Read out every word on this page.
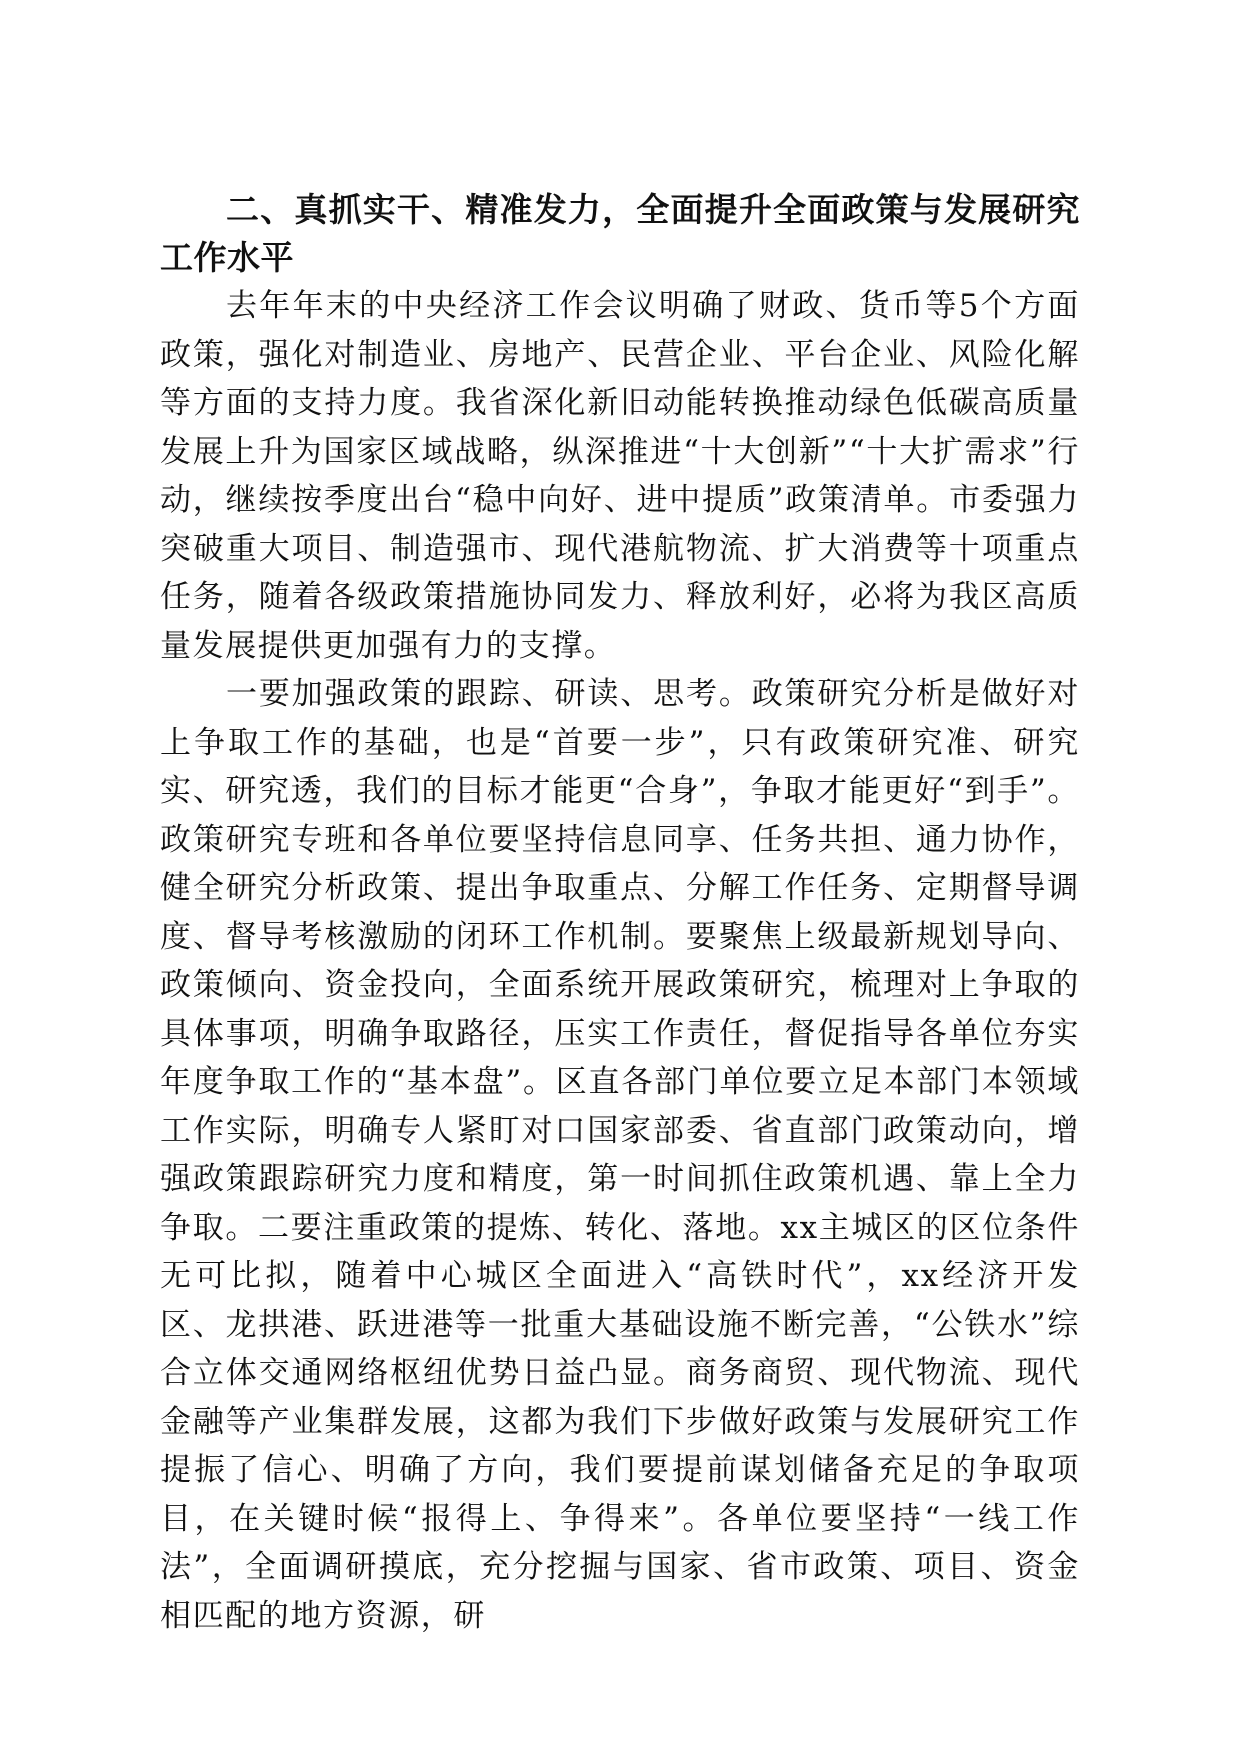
二、真抓实干、精准发力，全面提升全面政策与发展研究工作水平

去年年末的中央经济工作会议明确了财政、货币等5个方面政策，强化对制造业、房地产、民营企业、平台企业、风险化解等方面的支持力度。我省深化新旧动能转换推动绿色低碳高质量发展上升为国家区域战略，纵深推进“十大创新”“十大扩需求”行动，继续按季度出台“稳中向好、进中提质”政策清单。市委强力突破重大项目、制造强市、现代港航物流、扩大消费等十项重点任务，随着各级政策措施协同发力、释放利好，必将为我区高质量发展提供更加强有力的支撑。

一要加强政策的跟踪、研读、思考。政策研究分析是做好对上争取工作的基础，也是“首要一步”，只有政策研究准、研究实、研究透，我们的目标才能更“合身”，争取才能更好“到手”。政策研究专班和各单位要坚持信息同享、任务共担、通力协作，健全研究分析政策、提出争取重点、分解工作任务、定期督导调度、督导考核激励的闭环工作机制。要聚焦上级最新规划导向、政策倾向、资金投向，全面系统开展政策研究，梳理对上争取的具体事项，明确争取路径，压实工作责任，督促指导各单位夯实年度争取工作的“基本盘”。区直各部门单位要立足本部门本领域工作实际，明确专人紧盯对口国家部委、省直部门政策动向，增强政策跟踪研究力度和精度，第一时间抓住政策机遇、靠上全力争取。二要注重政策的提炼、转化、落地。xx主城区的区位条件无可比拟，随着中心城区全面进入“高铁时代”，xx经济开发区、龙拱港、跃进港等一批重大基础设施不断完善，“公铁水”综合立体交通网络枢纽优势日益凸显。商务商贸、现代物流、现代金融等产业集群发展，这都为我们下步做好政策与发展研究工作提振了信心、明确了方向，我们要提前谋划储备充足的争取项目，在关键时候“报得上、争得来”。各单位要坚持“一线工作法”，全面调研摸底，充分挖掘与国家、省市政策、项目、资金相匹配的地方资源，研
